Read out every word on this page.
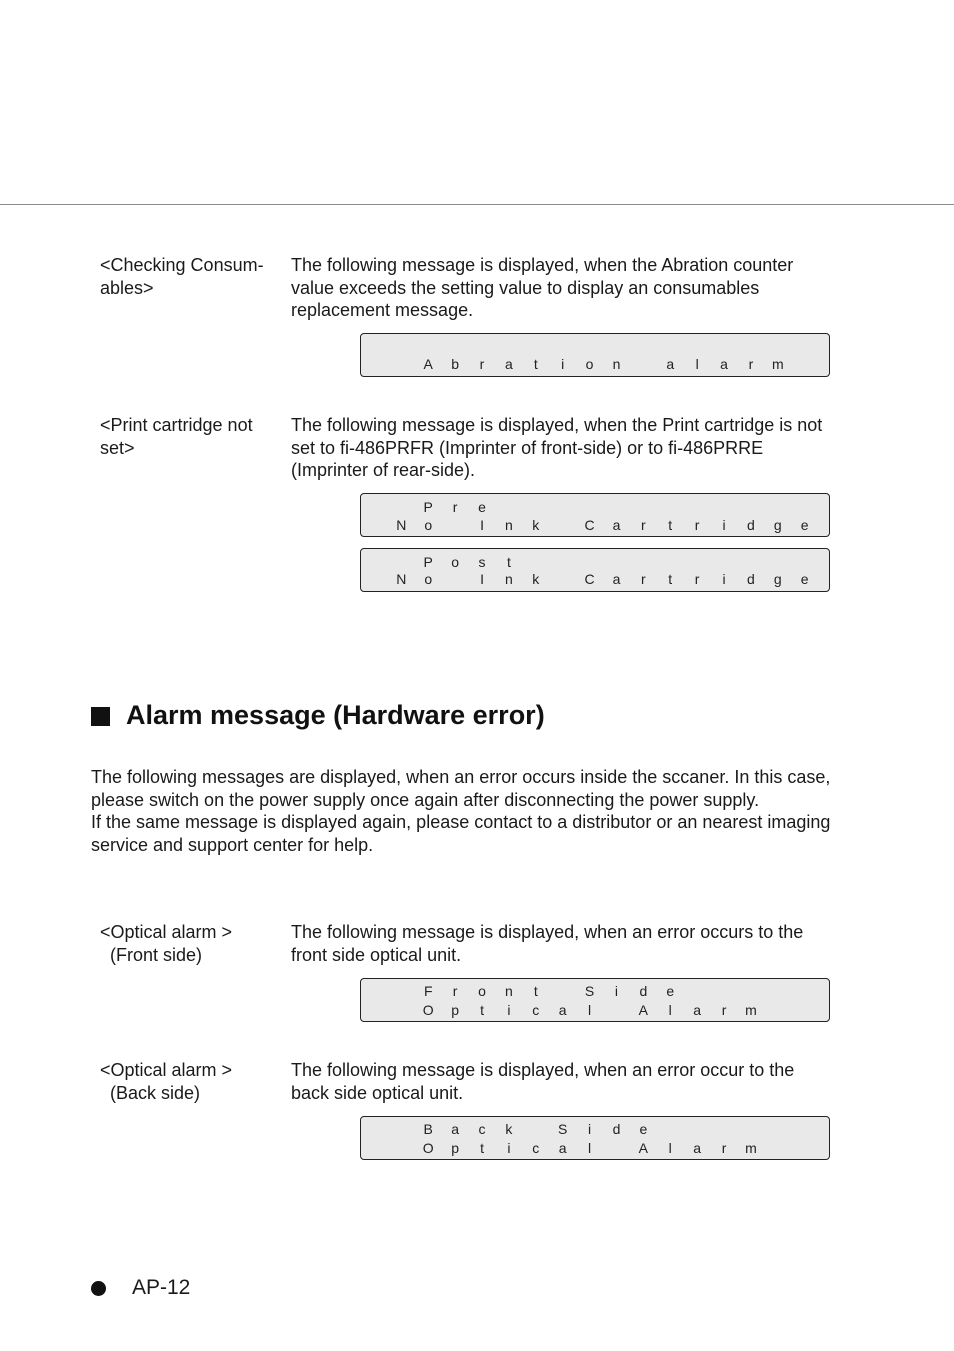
<Checking Consum-
ables>
The following message is displayed, when the Abration counter value exceeds the setting value to display an consumables replacement message.

A	b	r	a	t	i	o	n
	a	l	a	r	m
<Print cartridge not
set>
The following message is displayed, when the Print cartridge is not set to fi-486PRFR (Imprinter of front-side) or to fi-486PRRE (Imprinter of rear-side).

P	r	e

N	o
	I	n	k
	C	a	r	t	r	i	d	g	e

P	o	s	t

N	o
	I	n	k
	C	a	r	t	r	i	d	g	e
Alarm message (Hardware error)
The following messages are displayed, when an error occurs inside the sccaner. In this case, please switch on the power supply once again after disconnecting the power supply.
If the same message is displayed again, please contact to a distributor or an nearest imaging service and support center for help.
<Optical alarm >
(Front side)
The following message is displayed, when an error occurs to the front side optical unit.

F	r	o	n	t
	S	i	d	e

O	p	t	i	c	a	l
	A	l	a	r	m
<Optical alarm >
(Back side)
The following message is displayed, when an error occur to the back side optical unit.

B	a	c	k
	S	i	d	e

O	p	t	i	c	a	l
	A	l	a	r	m
AP-12
